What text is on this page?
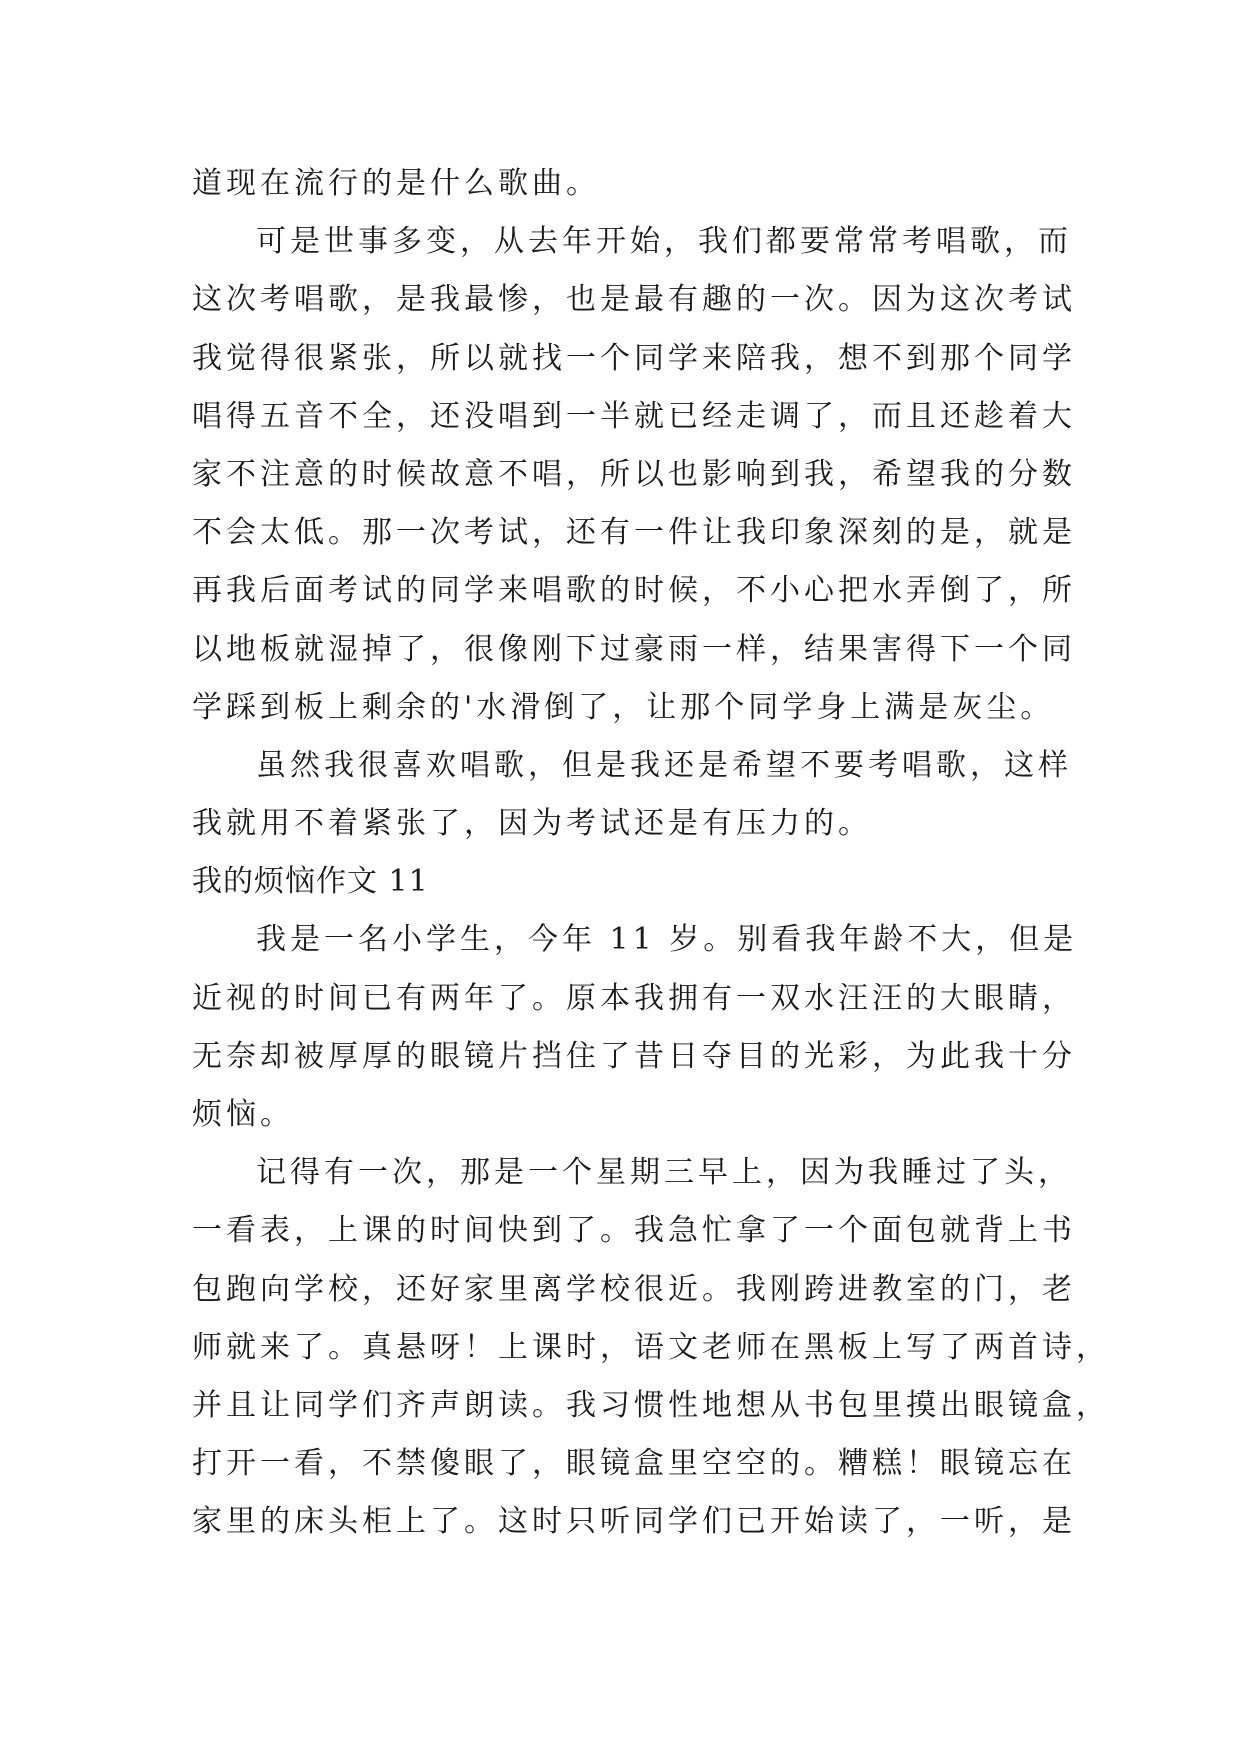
道现在流行的是什么歌曲。
可是世事多变，从去年开始，我们都要常常考唱歌，而
这次考唱歌，是我最惨，也是最有趣的一次。因为这次考试
我觉得很紧张，所以就找一个同学来陪我，想不到那个同学
唱得五音不全，还没唱到一半就已经走调了，而且还趁着大
家不注意的时候故意不唱，所以也影响到我，希望我的分数
不会太低。那一次考试，还有一件让我印象深刻的是，就是
再我后面考试的同学来唱歌的时候，不小心把水弄倒了，所
以地板就湿掉了，很像刚下过豪雨一样，结果害得下一个同
学踩到板上剩余的'水滑倒了，让那个同学身上满是灰尘。
虽然我很喜欢唱歌，但是我还是希望不要考唱歌，这样
我就用不着紧张了，因为考试还是有压力的。
我的烦恼作文 11
我是一名小学生，今年 11 岁。别看我年龄不大，但是
近视的时间已有两年了。原本我拥有一双水汪汪的大眼睛，
无奈却被厚厚的眼镜片挡住了昔日夺目的光彩，为此我十分
烦恼。
记得有一次，那是一个星期三早上，因为我睡过了头，
一看表，上课的时间快到了。我急忙拿了一个面包就背上书
包跑向学校，还好家里离学校很近。我刚跨进教室的门，老
师就来了。真悬呀！上课时，语文老师在黑板上写了两首诗，
并且让同学们齐声朗读。我习惯性地想从书包里摸出眼镜盒，
打开一看，不禁傻眼了，眼镜盒里空空的。糟糕！眼镜忘在
家里的床头柜上了。这时只听同学们已开始读了，一听，是
